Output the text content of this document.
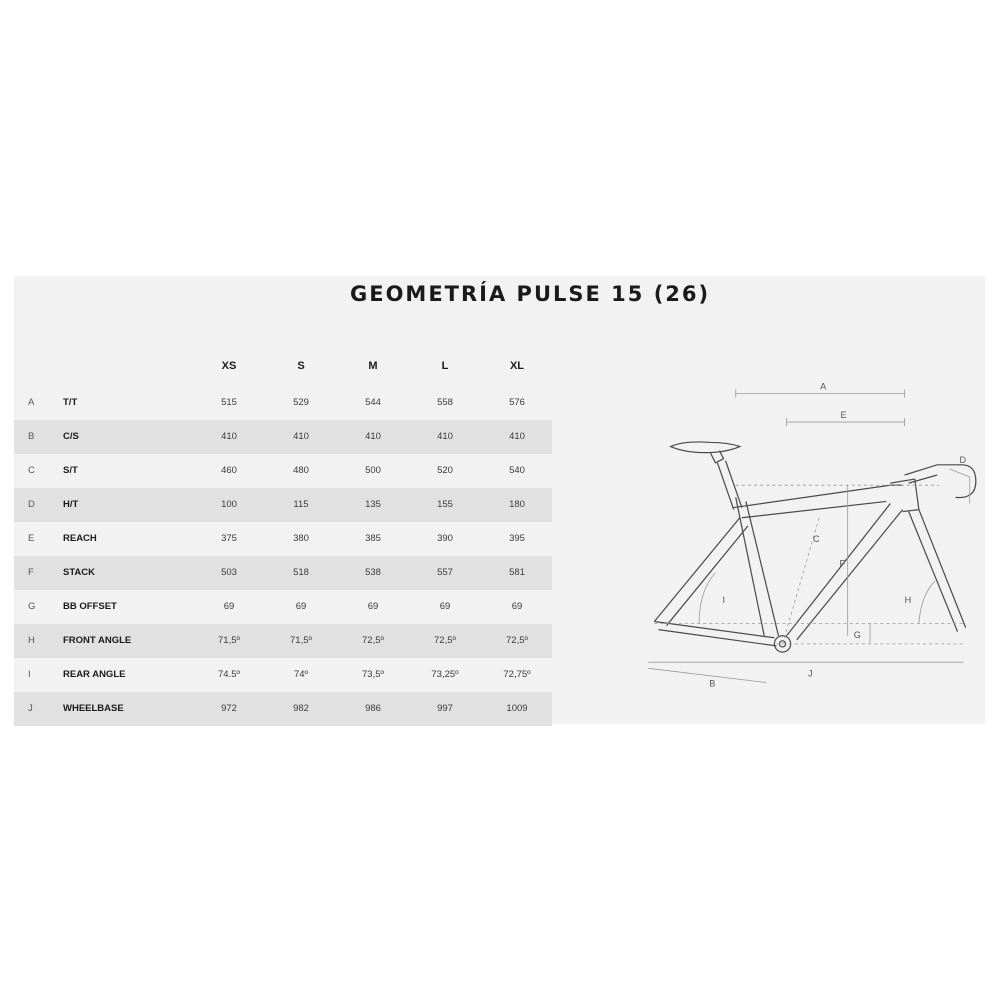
GEOMETRÍA PULSE 15 (26)
XS	S	M	L	XL
A	T/T	515	529	544	558	576
B	C/S	410	410	410	410	410
C	S/T	460	480	500	520	540
D	H/T	100	115	135	155	180
E	REACH	375	380	385	390	395
F	STACK	503	518	538	557	581
G	BB OFFSET	69	69	69	69	69
H	FRONT ANGLE	71,5º	71,5º	72,5º	72,5º	72,5º
I	REAR ANGLE	74.5º	74º	73,5º	73,25º	72,75º
J	WHEELBASE	972	982	986	997	1009
A
E
C
F
G
I	H
J
B
D
